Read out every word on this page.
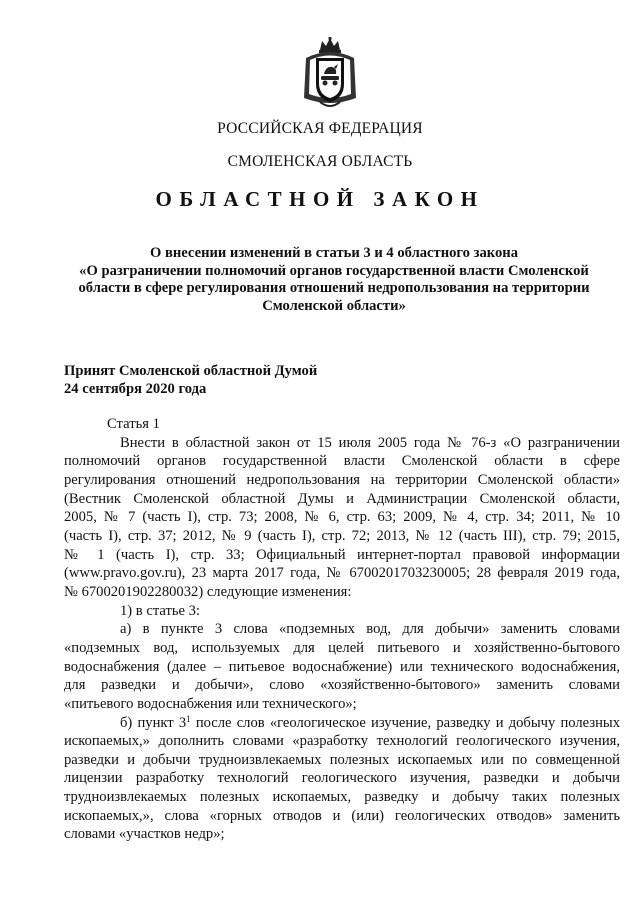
РОССИЙСКАЯ ФЕДЕРАЦИЯ
СМОЛЕНСКАЯ ОБЛАСТЬ
ОБЛАСТНОЙ ЗАКОН
О внесении изменений в статьи 3 и 4 областного закона
«О разграничении полномочий органов государственной власти Смоленской
области в сфере регулирования отношений недропользования на территории
Смоленской области»
Принят Смоленской областной Думой
24 сентября 2020 года

Статья 1

Внести в областной закон от 15 июля 2005 года № 76-з «О разграничении

полномочий органов государственной власти Смоленской области в сфере

регулирования отношений недропользования на территории Смоленской области»

(Вестник Смоленской областной Думы и Администрации Смоленской области,

2005, № 7 (часть I), стр. 73; 2008, № 6, стр. 63; 2009, № 4, стр. 34; 2011, № 10

(часть I), стр. 37; 2012, № 9 (часть I), стр. 72; 2013, № 12 (часть III), стр. 79; 2015,

№ 1 (часть I), стр. 33; Официальный интернет-портал правовой информации

(www.pravo.gov.ru), 23 марта 2017 года, № 6700201703230005; 28 февраля 2019 года,

№ 6700201902280032) следующие изменения:

1) в статье 3:

а) в пункте 3 слова «подземных вод, для добычи» заменить словами

«подземных вод, используемых для целей питьевого и хозяйственно-бытового

водоснабжения (далее – питьевое водоснабжение) или технического водоснабжения,

для разведки и добычи», слово «хозяйственно-бытового» заменить словами

«питьевого водоснабжения или технического»;

б) пункт $3^1$ после слов «геологическое изучение, разведку и добычу полезных

ископаемых,» дополнить словами «разработку технологий геологического изучения,

разведки и добычи трудноизвлекаемых полезных ископаемых или по совмещенной

лицензии разработку технологий геологического изучения, разведки и добычи

трудноизвлекаемых полезных ископаемых, разведку и добычу таких полезных

ископаемых,», слова «горных отводов и (или) геологических отводов» заменить

словами «участков недр»;
